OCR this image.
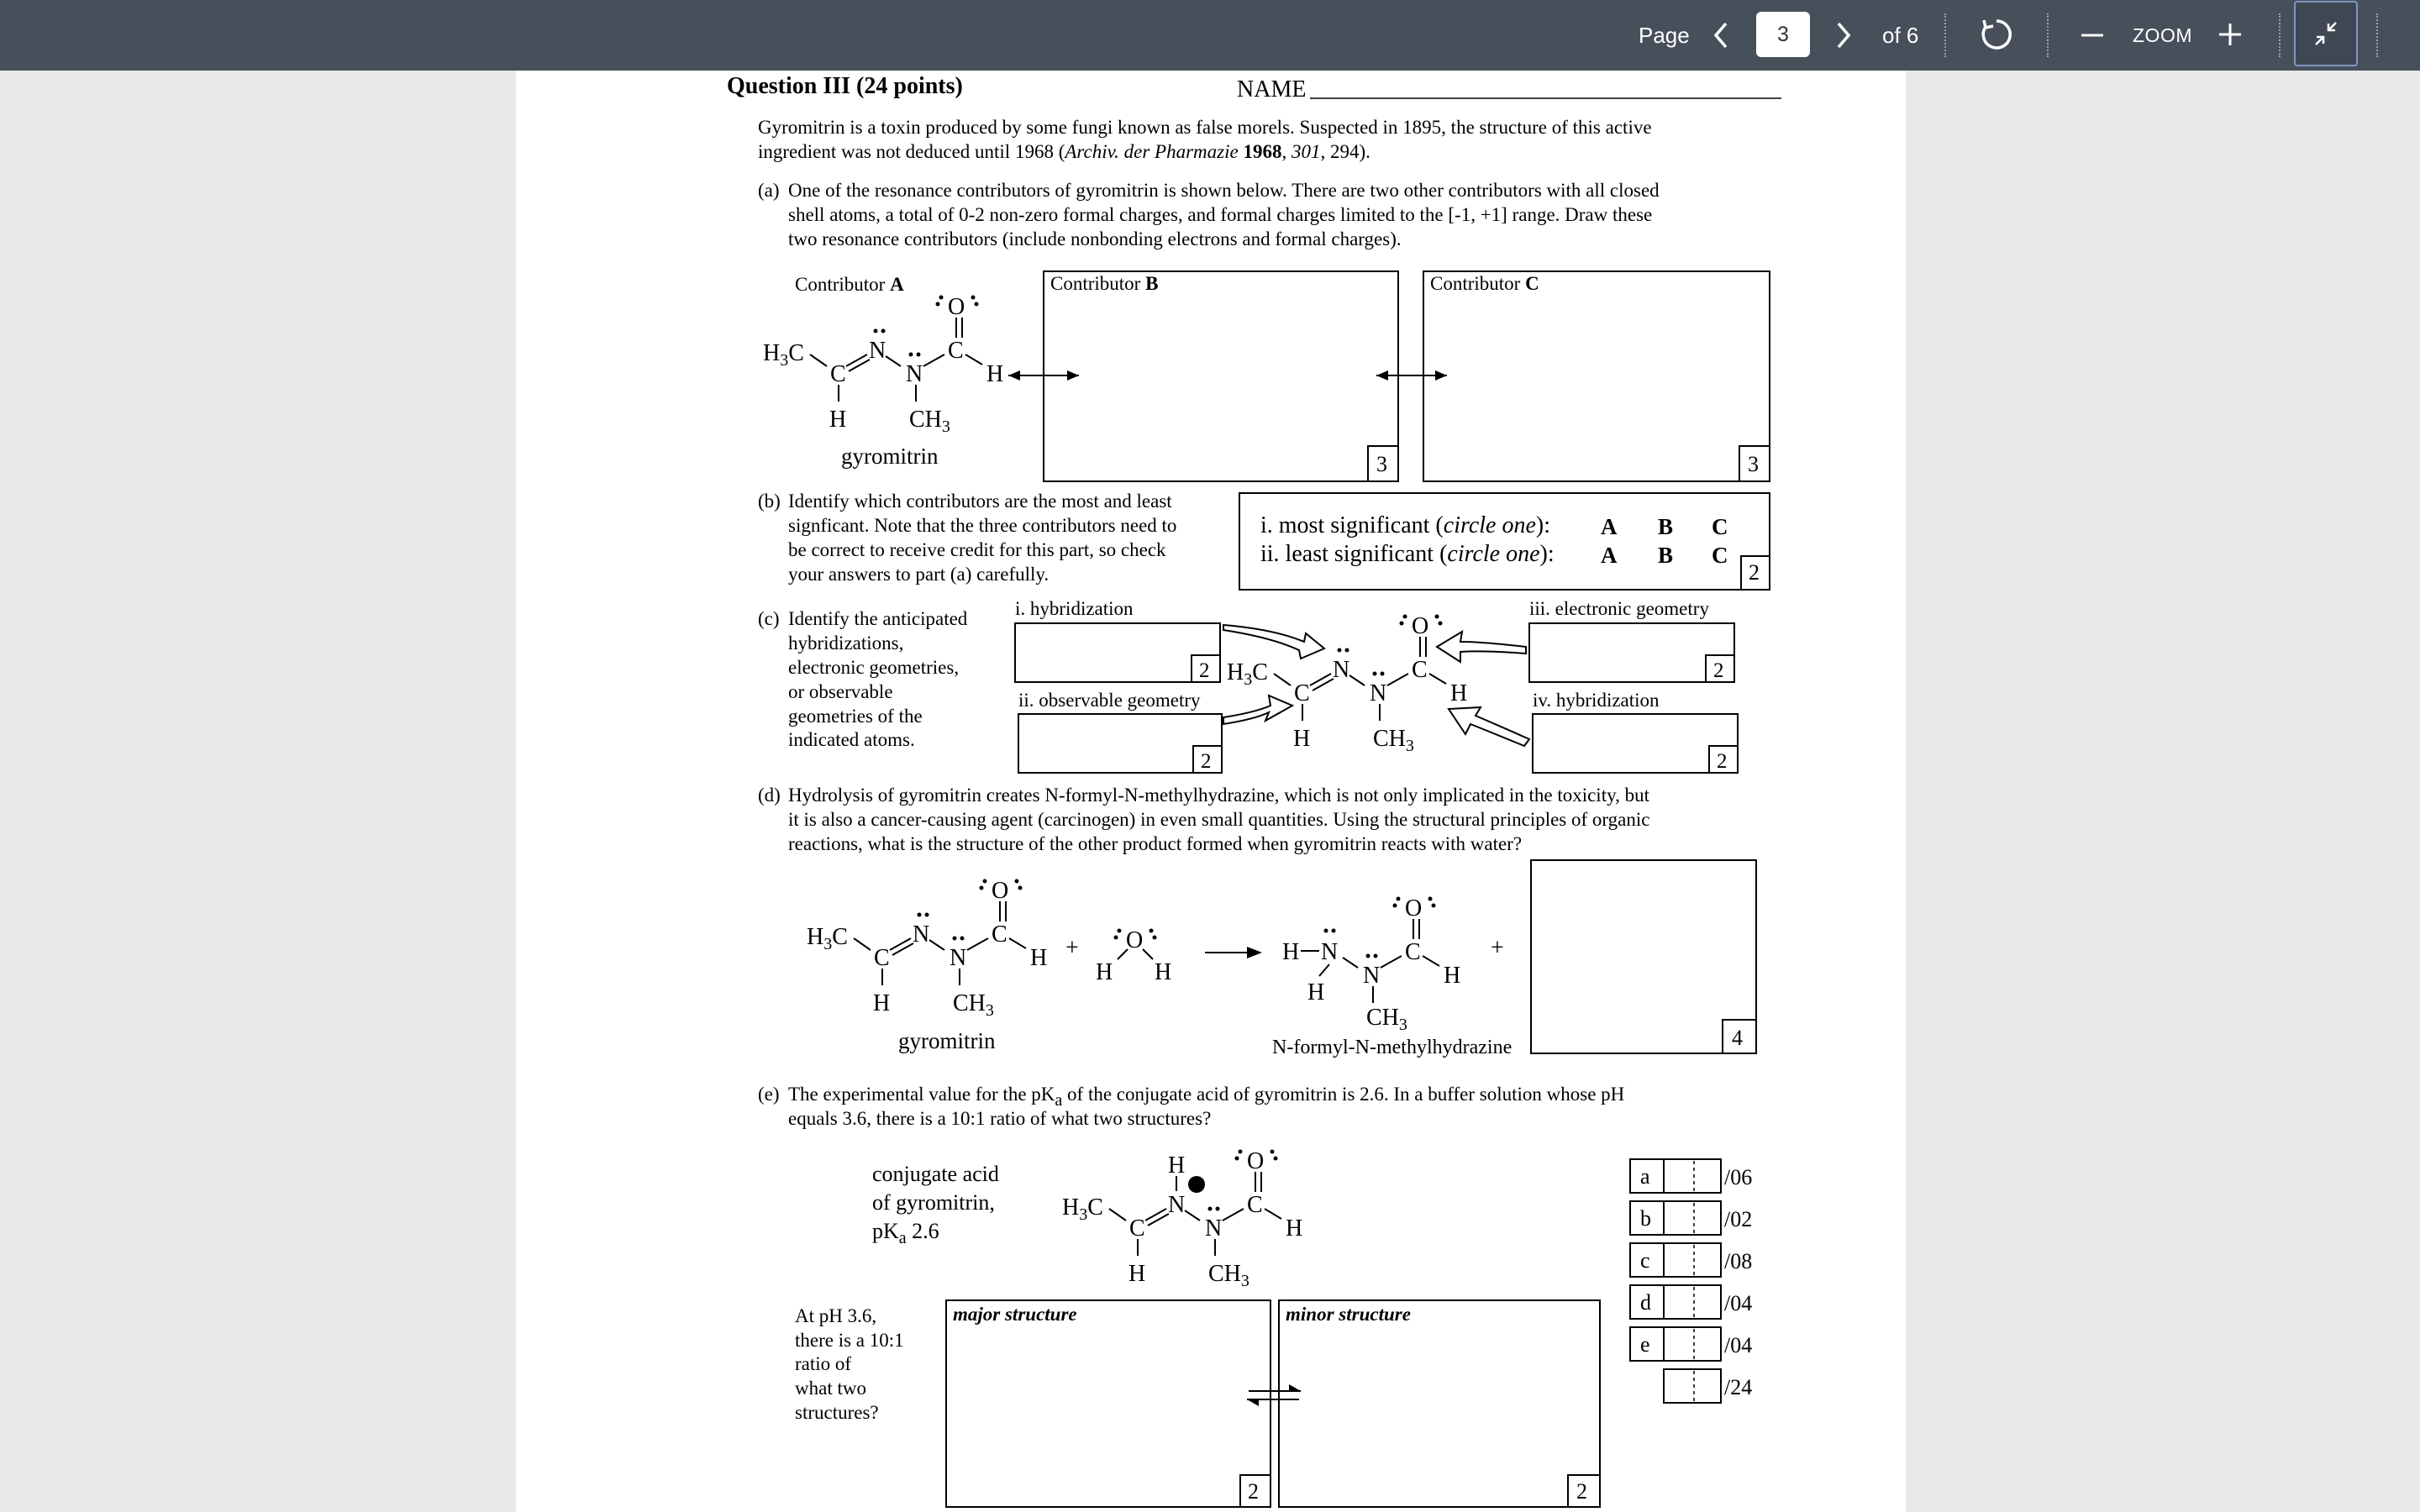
Page	3	of 6	ZOOM
Question III (24 points)	NAME
Gyromitrin is a toxin produced by some fungi known as false morels. Suspected in 1895, the structure of this active
ingredient was not deduced until 1968 (Archiv. der Pharmazie 1968, 301, 294).
(a) One of the resonance contributors of gyromitrin is shown below. There are two other contributors with all closed
shell atoms, a total of 0-2 non-zero formal charges, and formal charges limited to the [-1, +1] range. Draw these
two resonance contributors (include nonbonding electrons and formal charges).
Contributor A
$H_3C$
C
N
N
C
O
H
H	$CH_3$
gyromitrin
Contributor B
3
Contributor C
3
(b) Identify which contributors are the most and least
signficant. Note that the three contributors need to
be correct to receive credit for this part, so check
your answers to part (a) carefully.
i. most significant (circle one):
ii. least significant (circle one):
A B C
A B C
2
(c) Identify the anticipated
hybridizations,
electronic geometries,
or observable
geometries of the
indicated atoms.
i. hybridization
2
ii. observable geometry
2
iii. electronic geometry
2
iv. hybridization
2
$H_3C$
C
N
N
C
O
H
H	$CH_3$
(d) Hydrolysis of gyromitrin creates N-formyl-N-methylhydrazine, which is not only implicated in the toxicity, but
it is also a cancer-causing agent (carcinogen) in even small quantities. Using the structural principles of organic
reactions, what is the structure of the other product formed when gyromitrin reacts with water?
$H_3C$
C
N
N
C
O
H
H	$CH_3$
gyromitrin
+ O
H H
H N
H
N
C
O
H
$CH_3$
N-formyl-N-methylhydrazine
+
4
(e) The experimental value for the pKa of the conjugate acid of gyromitrin is 2.6. In a buffer solution whose pH
equals 3.6, there is a 10:1 ratio of what two structures?
conjugate acid
of gyromitrin,
$pK_a$ 2.6
$H_3C$
C
N
H
N
C
O
H
H	$CH_3$
At pH 3.6,
there is a 10:1
ratio of
what two
structures?
major structure
2
minor structure
2
a	/06
b	/02
c	/08
d	/04
e	/04
/24
